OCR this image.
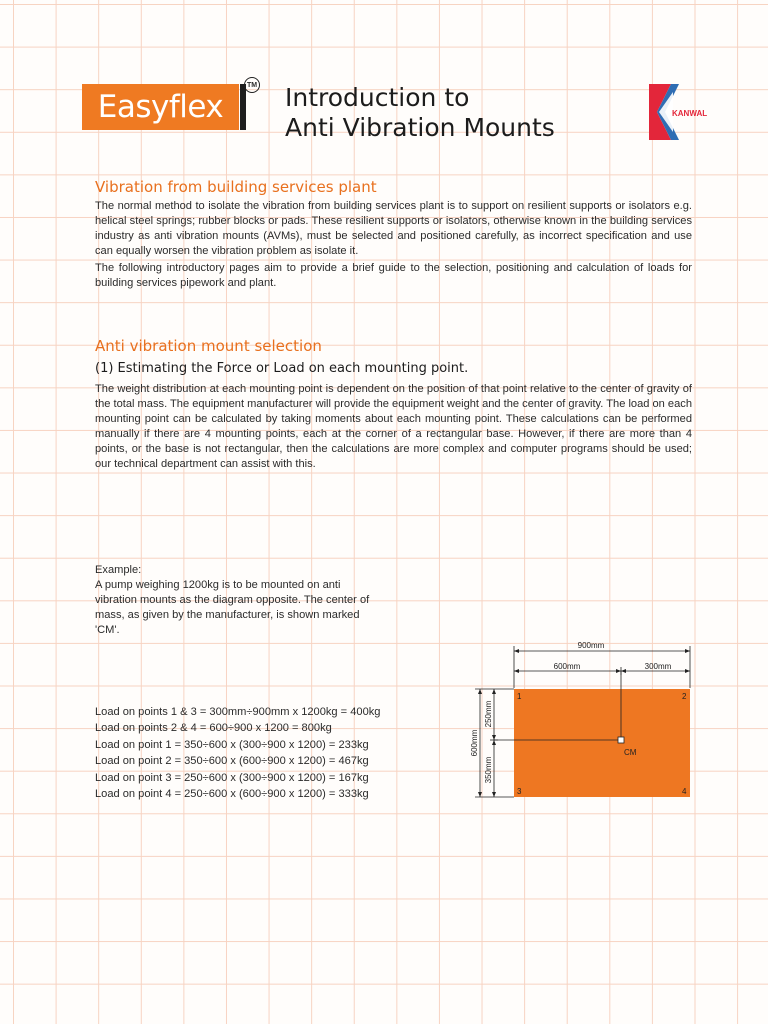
Easyflex
TM Introduction to
Anti Vibration Mounts	KANWAL
Vibration from building services plant
The normal method to isolate the vibration from building services plant is to support on resilient supports or isolators e.g. helical steel springs; rubber blocks or pads. These resilient supports or isolators, otherwise known in the building services industry as anti vibration mounts (AVMs), must be selected and positioned carefully, as incorrect specification and use can equally worsen the vibration problem as isolate it.
The following introductory pages aim to provide a brief guide to the selection, positioning and calculation of loads for building services pipework and plant.
Anti vibration mount selection
(1) Estimating the Force or Load on each mounting point.
The weight distribution at each mounting point is dependent on the position of that point relative to the center of gravity of the total mass. The equipment manufacturer will provide the equipment weight and the center of gravity. The load on each mounting point can be calculated by taking moments about each mounting point. These calculations can be performed manually if there are 4 mounting points, each at the corner of a rectangular base. However, if there are more than 4 points, or the base is not rectangular, then the calculations are more complex and computer programs should be used; our technical department can assist with this.
Example:
A pump weighing 1200kg is to be mounted on anti
vibration mounts as the diagram opposite. The center of
mass, as given by the manufacturer, is shown marked
'CM'.
Load on points 1 & 3 = 300mm÷900mm x 1200kg = 400kg
Load on points 2 & 4 = 600÷900 x 1200 = 800kg
Load on point 1 = 350÷600 x (300÷900 x 1200) = 233kg
Load on point 2 = 350÷600 x (600÷900 x 1200) = 467kg
Load on point 3 = 250÷600 x (300÷900 x 1200) = 167kg
Load on point 4 = 250÷600 x (600÷900 x 1200) = 333kg
900mm
600mm	300mm
600mm
250mm
350mm
CM
1	2
3	4
